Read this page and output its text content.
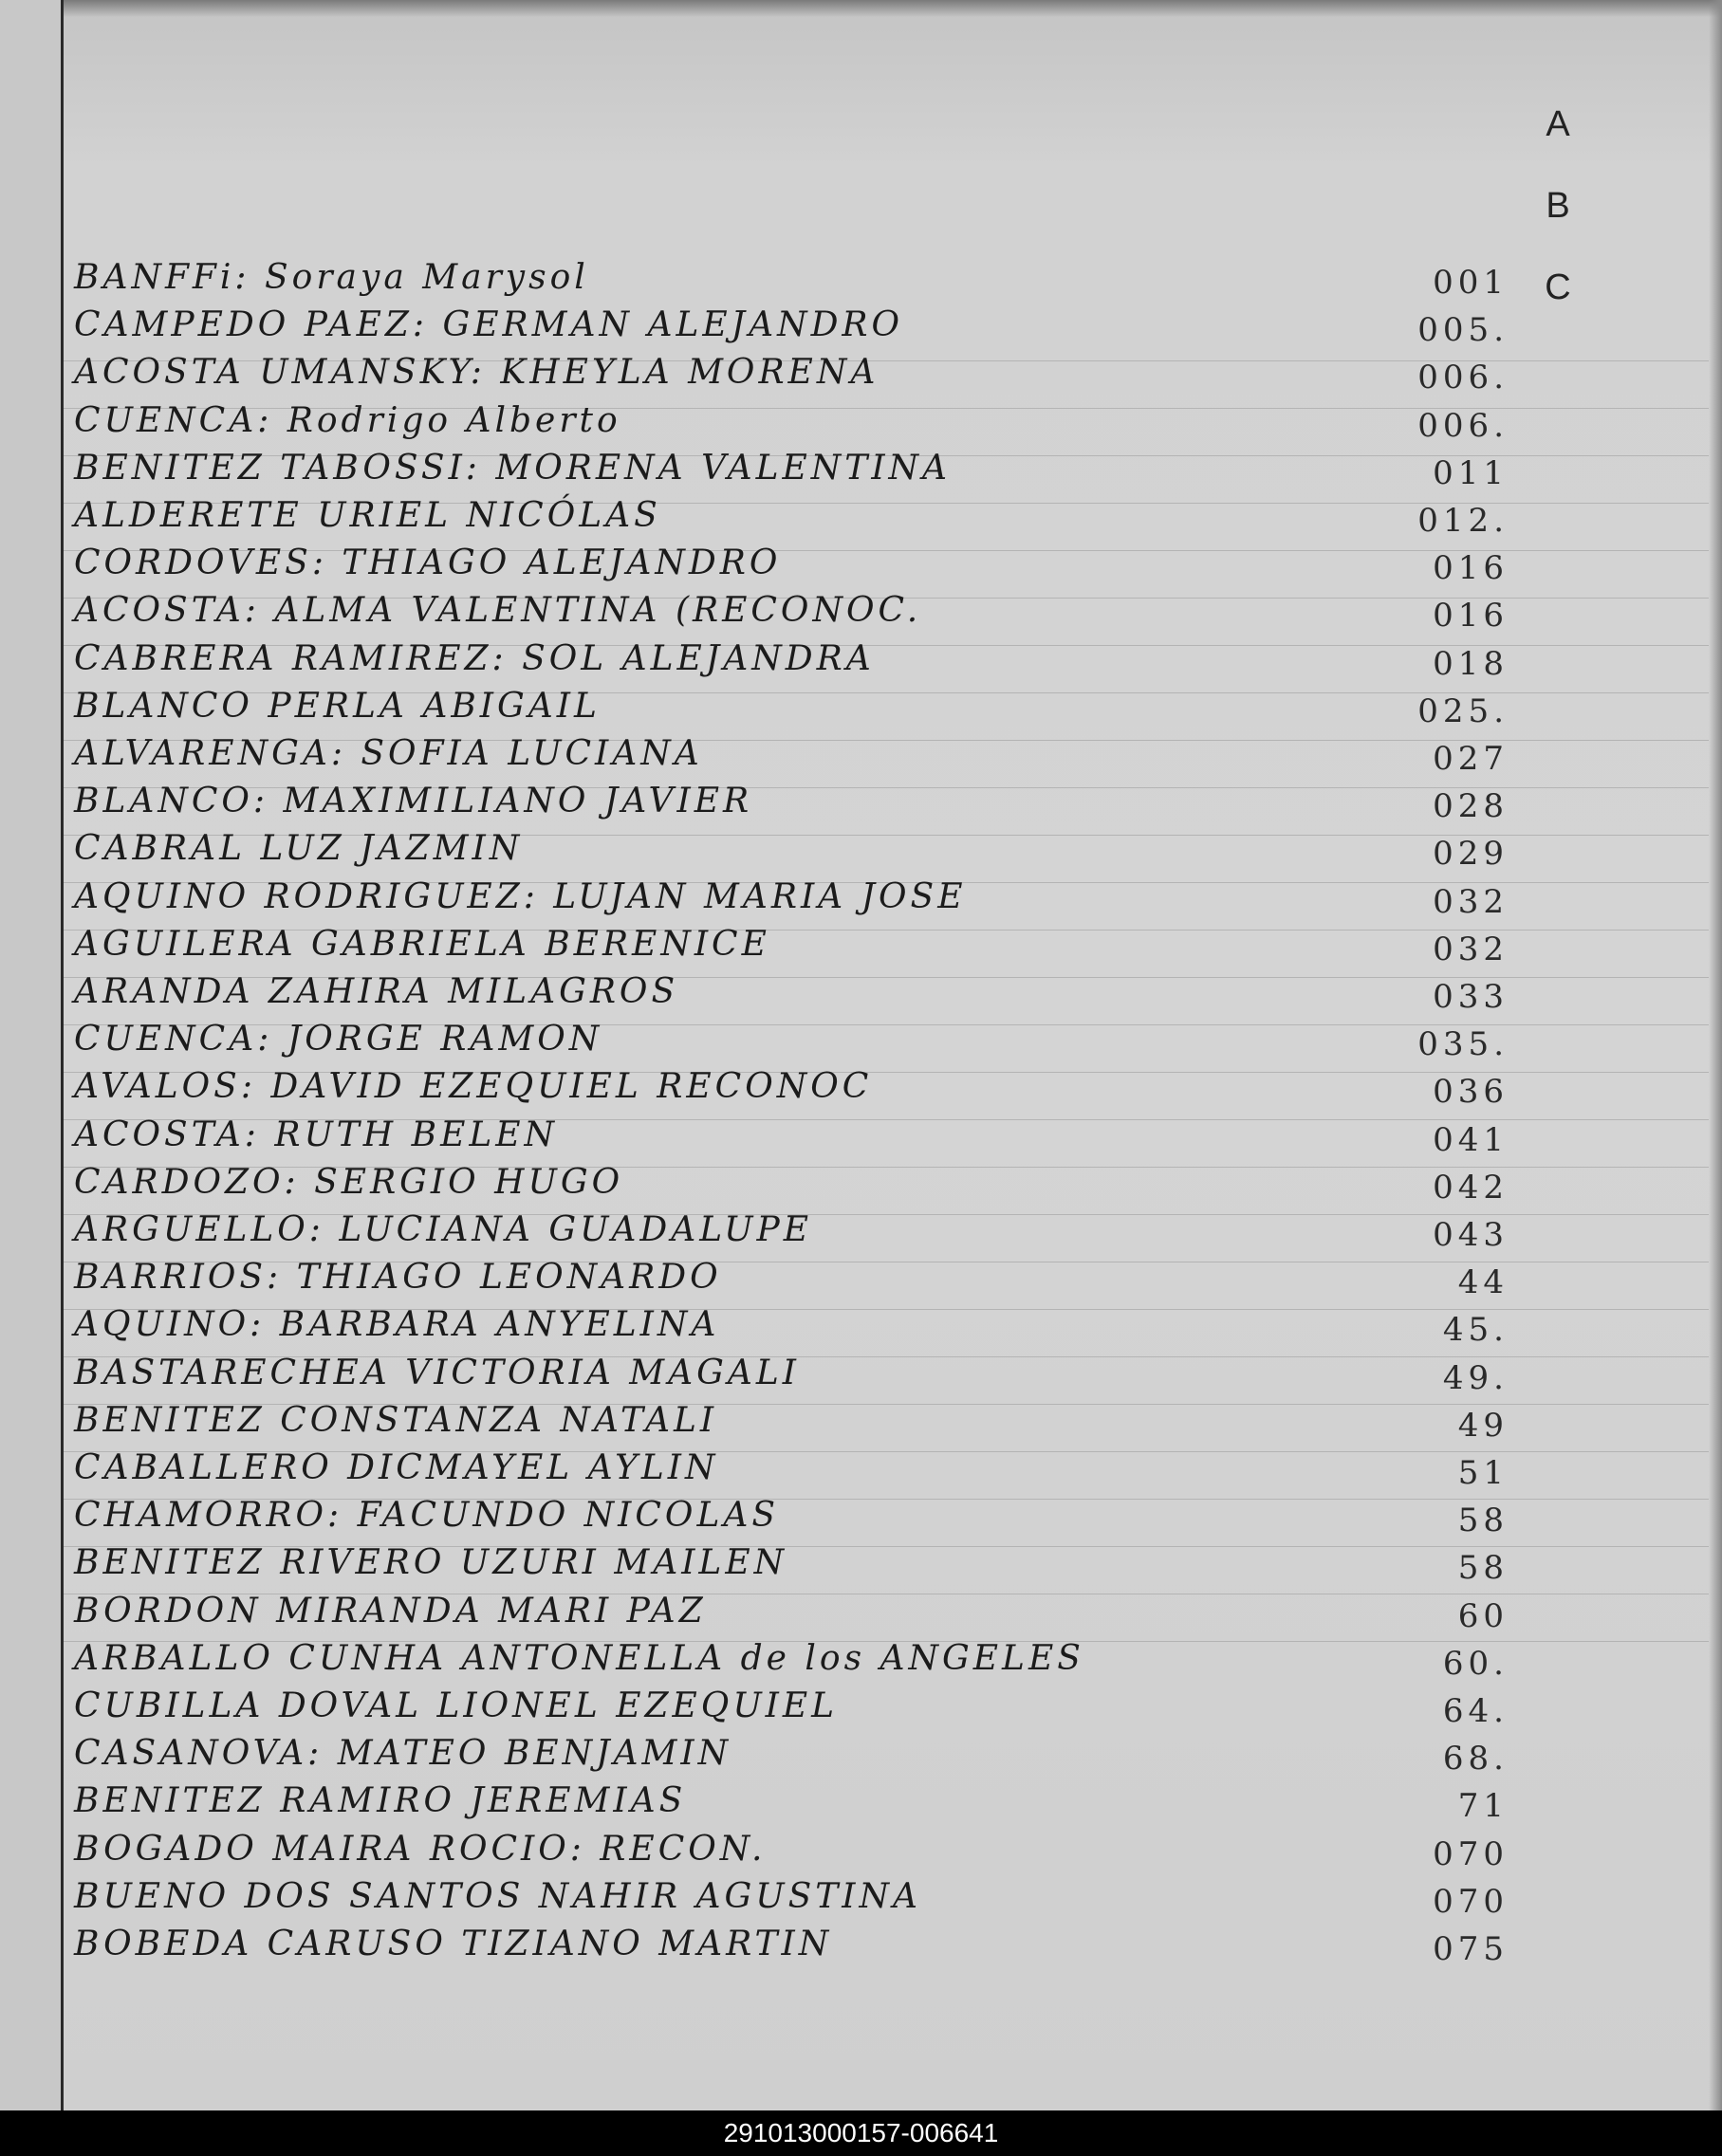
A
B
C
BANFFi: Soraya Marysol	001
CAMPEDO PAEZ: GERMAN ALEJANDRO	005.
ACOSTA UMANSKY: KHEYLA MORENA	006.
CUENCA: Rodrigo Alberto	006.
BENITEZ TABOSSI: MORENA VALENTINA	011
ALDERETE URIEL NICÓLAS	012.
CORDOVES: THIAGO ALEJANDRO	016
ACOSTA: ALMA VALENTINA (RECONOC.	016
CABRERA RAMIREZ: SOL ALEJANDRA	018
BLANCO PERLA ABIGAIL	025.
ALVARENGA: SOFIA LUCIANA	027
BLANCO: MAXIMILIANO JAVIER	028
CABRAL LUZ JAZMIN	029
AQUINO RODRIGUEZ: LUJAN MARIA JOSE	032
AGUILERA GABRIELA BERENICE	032
ARANDA ZAHIRA MILAGROS	033
CUENCA: JORGE RAMON	035.
AVALOS: DAVID EZEQUIEL RECONOC	036
ACOSTA: RUTH BELEN	041
CARDOZO: SERGIO HUGO	042
ARGUELLO: LUCIANA GUADALUPE	043
BARRIOS: THIAGO LEONARDO	44
AQUINO: BARBARA ANYELINA	45.
BASTARECHEA VICTORIA MAGALI	49.
BENITEZ CONSTANZA NATALI	49
CABALLERO DICMAYEL AYLIN	51
CHAMORRO: FACUNDO NICOLAS	58
BENITEZ RIVERO UZURI MAILEN	58
BORDON MIRANDA MARI PAZ	60
ARBALLO CUNHA ANTONELLA de los ANGELES	60.
CUBILLA DOVAL LIONEL EZEQUIEL	64.
CASANOVA: MATEO BENJAMIN	68.
BENITEZ RAMIRO JEREMIAS	71
BOGADO MAIRA ROCIO: RECON.	070
BUENO DOS SANTOS NAHIR AGUSTINA	070
BOBEDA CARUSO TIZIANO MARTIN	075
291013000157-006641
